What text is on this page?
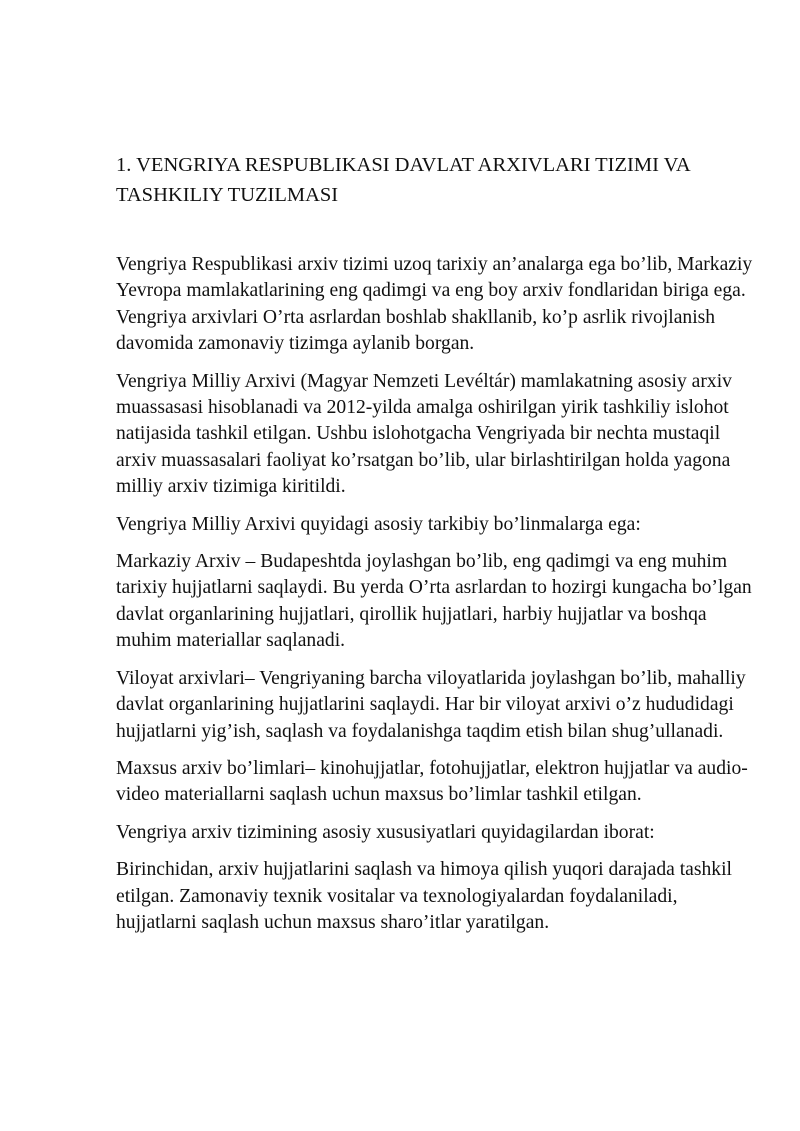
1. VENGRIYA RESPUBLIKASI DAVLAT ARXIVLARI TIZIMI VA TASHKILIY TUZILMASI

Vengriya Respublikasi arxiv tizimi uzoq tarixiy an’analarga ega bo’lib, Markaziy Yevropa mamlakatlarining eng qadimgi va eng boy arxiv fondlaridan biriga ega. Vengriya arxivlari O’rta asrlardan boshlab shakllanib, ko’p asrlik rivojlanish davomida zamonaviy tizimga aylanib borgan.

Vengriya Milliy Arxivi (Magyar Nemzeti Levéltár) mamlakatning asosiy arxiv muassasasi hisoblanadi va 2012-yilda amalga oshirilgan yirik tashkiliy islohot natijasida tashkil etilgan. Ushbu islohotgacha Vengriyada bir nechta mustaqil arxiv muassasalari faoliyat ko’rsatgan bo’lib, ular birlashtirilgan holda yagona milliy arxiv tizimiga kiritildi.

Vengriya Milliy Arxivi quyidagi asosiy tarkibiy bo’linmalarga ega:

Markaziy Arxiv – Budapeshtda joylashgan bo’lib, eng qadimgi va eng muhim tarixiy hujjatlarni saqlaydi. Bu yerda O’rta asrlardan to hozirgi kungacha bo’lgan davlat organlarining hujjatlari, qirollik hujjatlari, harbiy hujjatlar va boshqa muhim materiallar saqlanadi.

Viloyat arxivlari– Vengriyaning barcha viloyatlarida joylashgan bo’lib, mahalliy davlat organlarining hujjatlarini saqlaydi. Har bir viloyat arxivi o’z hududidagi hujjatlarni yig’ish, saqlash va foydalanishga taqdim etish bilan shug’ullanadi.

Maxsus arxiv bo’limlari– kinohujjatlar, fotohujjatlar, elektron hujjatlar va audio-video materiallarni saqlash uchun maxsus bo’limlar tashkil etilgan.

Vengriya arxiv tizimining asosiy xususiyatlari quyidagilardan iborat:

Birinchidan, arxiv hujjatlarini saqlash va himoya qilish yuqori darajada tashkil etilgan. Zamonaviy texnik vositalar va texnologiyalardan foydalaniladi, hujjatlarni saqlash uchun maxsus sharo’itlar yaratilgan.
